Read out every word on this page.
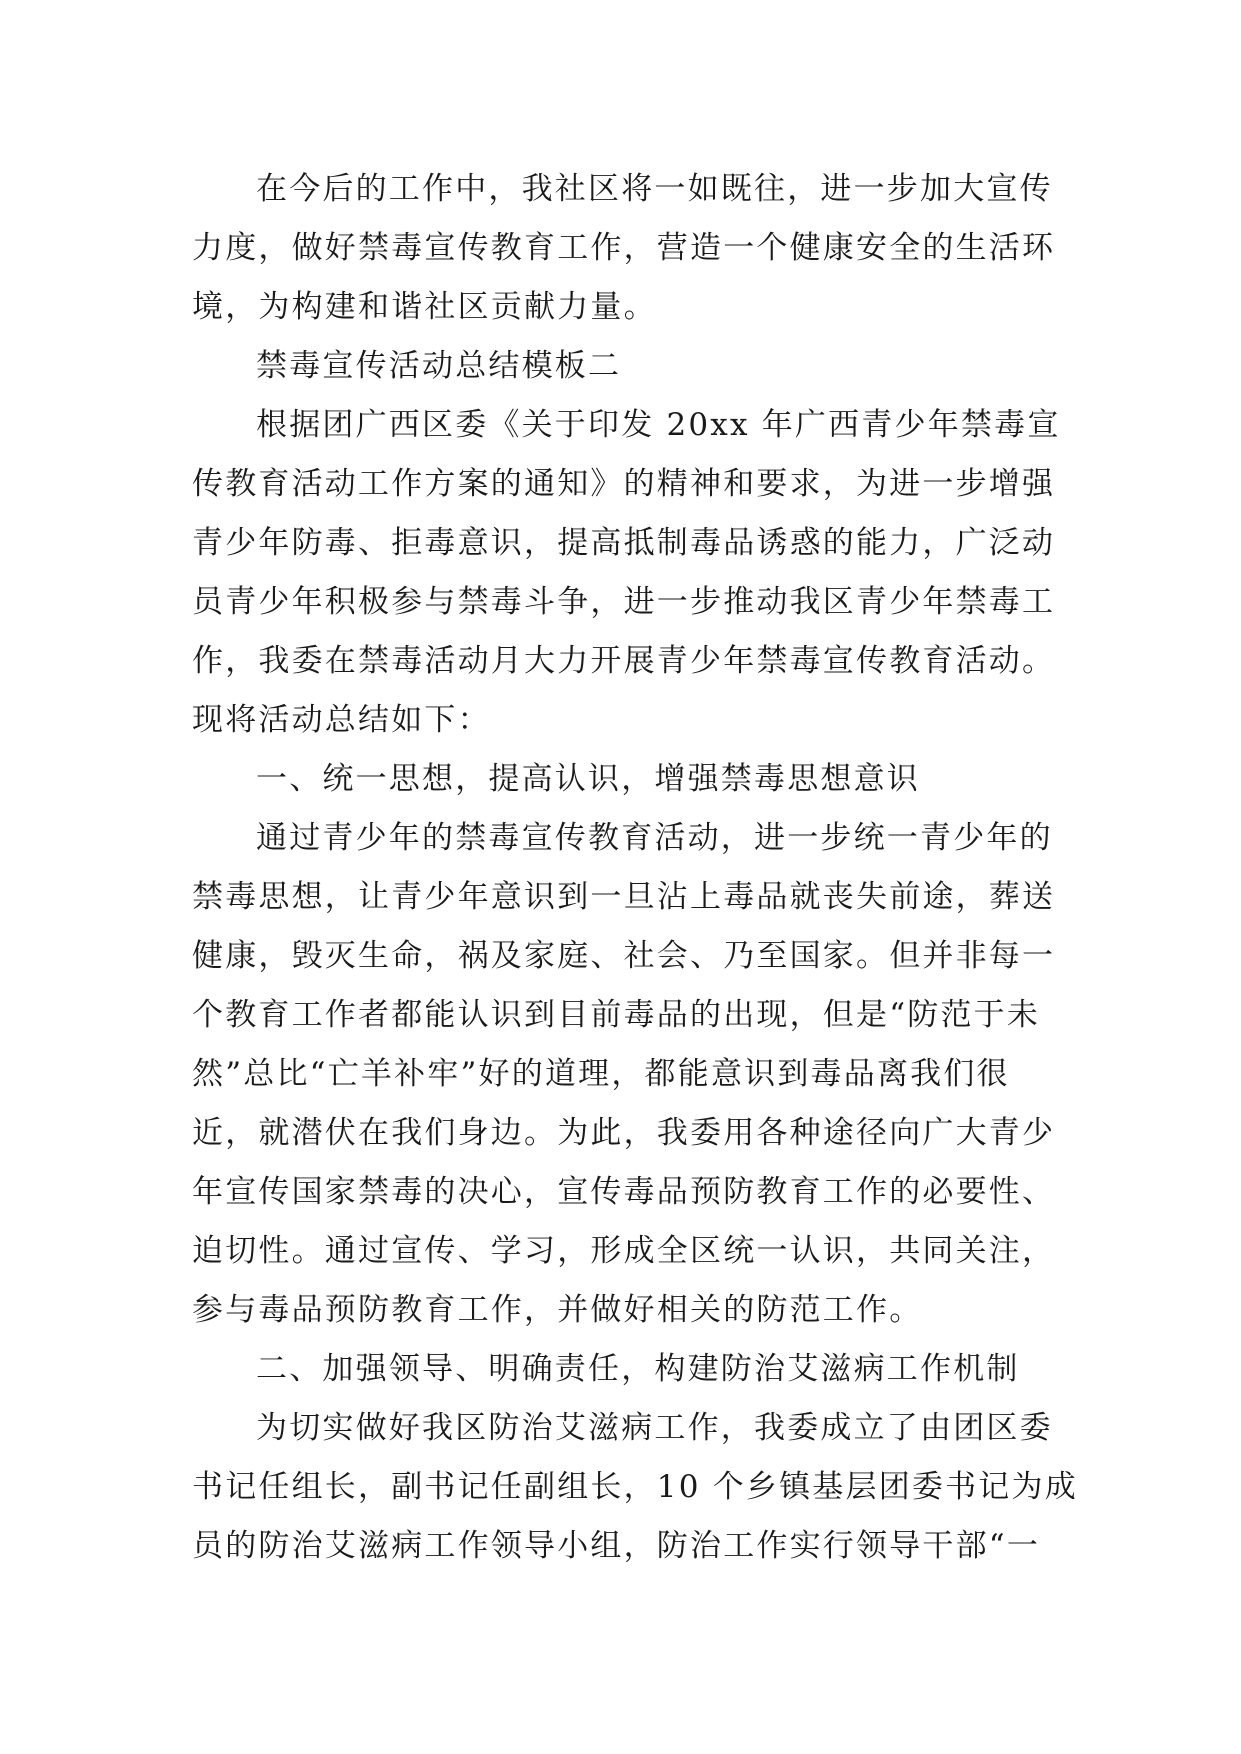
在今后的工作中，我社区将一如既往，进一步加大宣传
力度，做好禁毒宣传教育工作，营造一个健康安全的生活环
境，为构建和谐社区贡献力量。
禁毒宣传活动总结模板二
根据团广西区委《关于印发 20xx 年广西青少年禁毒宣
传教育活动工作方案的通知》的精神和要求，为进一步增强
青少年防毒、拒毒意识，提高抵制毒品诱惑的能力，广泛动
员青少年积极参与禁毒斗争，进一步推动我区青少年禁毒工
作，我委在禁毒活动月大力开展青少年禁毒宣传教育活动。
现将活动总结如下：
一、统一思想，提高认识，增强禁毒思想意识
通过青少年的禁毒宣传教育活动，进一步统一青少年的
禁毒思想，让青少年意识到一旦沾上毒品就丧失前途，葬送
健康，毁灭生命，祸及家庭、社会、乃至国家。但并非每一
个教育工作者都能认识到目前毒品的出现，但是“防范于未
然”总比“亡羊补牢”好的道理，都能意识到毒品离我们很
近，就潜伏在我们身边。为此，我委用各种途径向广大青少
年宣传国家禁毒的决心，宣传毒品预防教育工作的必要性、
迫切性。通过宣传、学习，形成全区统一认识，共同关注，
参与毒品预防教育工作，并做好相关的防范工作。
二、加强领导、明确责任，构建防治艾滋病工作机制
为切实做好我区防治艾滋病工作，我委成立了由团区委
书记任组长，副书记任副组长，10 个乡镇基层团委书记为成
员的防治艾滋病工作领导小组，防治工作实行领导干部“一
